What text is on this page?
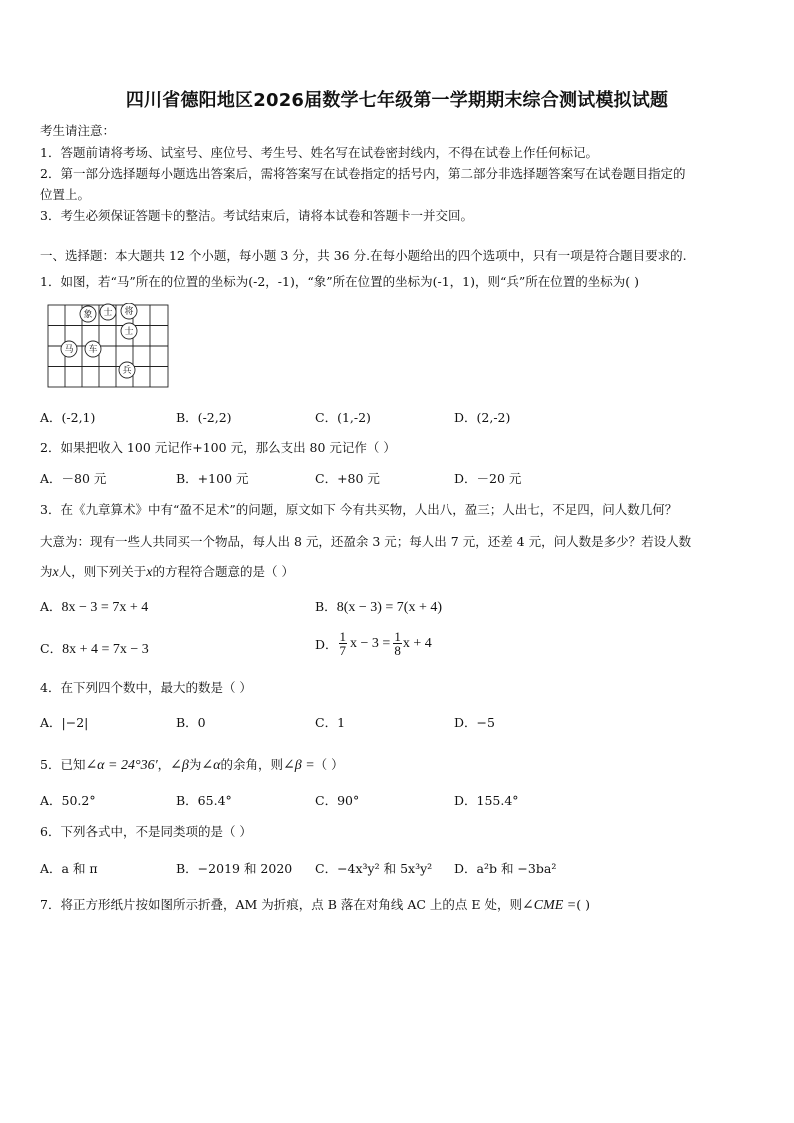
四川省德阳地区2026届数学七年级第一学期期末综合测试模拟试题
考生请注意：
1．答题前请将考场、试室号、座位号、考生号、姓名写在试卷密封线内，不得在试卷上作任何标记。
2．第一部分选择题每小题选出答案后，需将答案写在试卷指定的括号内，第二部分非选择题答案写在试卷题目指定的
位置上。
3．考生必须保证答题卡的整洁。考试结束后，请将本试卷和答题卡一并交回。
一、选择题：本大题共 12 个小题，每小题 3 分，共 36 分.在每小题给出的四个选项中，只有一项是符合题目要求的.
1．如图，若“马”所在的位置的坐标为(-2，-1)，“象”所在位置的坐标为(-1，1)，则“兵”所在位置的坐标为( )
象 士 将
士
马 车
兵
A．(-2,1)	B．(-2,2)	C．(1,-2)	D．(2,-2)
2．如果把收入 100 元记作+100 元，那么支出 80 元记作（ ）
A．－80 元	B．+100 元	C．+80 元	D．－20 元
3．在《九章算术》中有“盈不足术”的问题，原文如下 今有共买物，人出八，盈三；人出七，不足四，问人数几何？
大意为：现有一些人共同买一个物品，每人出 8 元，还盈余 3 元；每人出 7 元，还差 4 元，问人数是多少？若设人数
为x人，则下列关于x的方程符合题意的是（ ）
A．8x − 3 = 7x + 4	B．8(x − 3) = 7(x + 4)
C．8x + 4 = 7x − 3	D． $\frac{1}{7}$ $x - 3 = \frac{1}{8}$ x + 4
4．在下列四个数中，最大的数是（ ）
A．|−2|	B．0	C．1	D．−5
5．已知∠α = 24°36′，∠β为∠α的余角，则∠β =（ ）
A．50.2°	B．65.4°	C．90°	D．155.4°
6．下列各式中，不是同类项的是（ ）
A．a 和 π	B．−2019 和 2020 C．−4x³y² 和 5x³y² D．a²b 和 −3ba²
7．将正方形纸片按如图所示折叠，AM 为折痕，点 B 落在对角线 AC 上的点 E 处，则∠CME =( )
